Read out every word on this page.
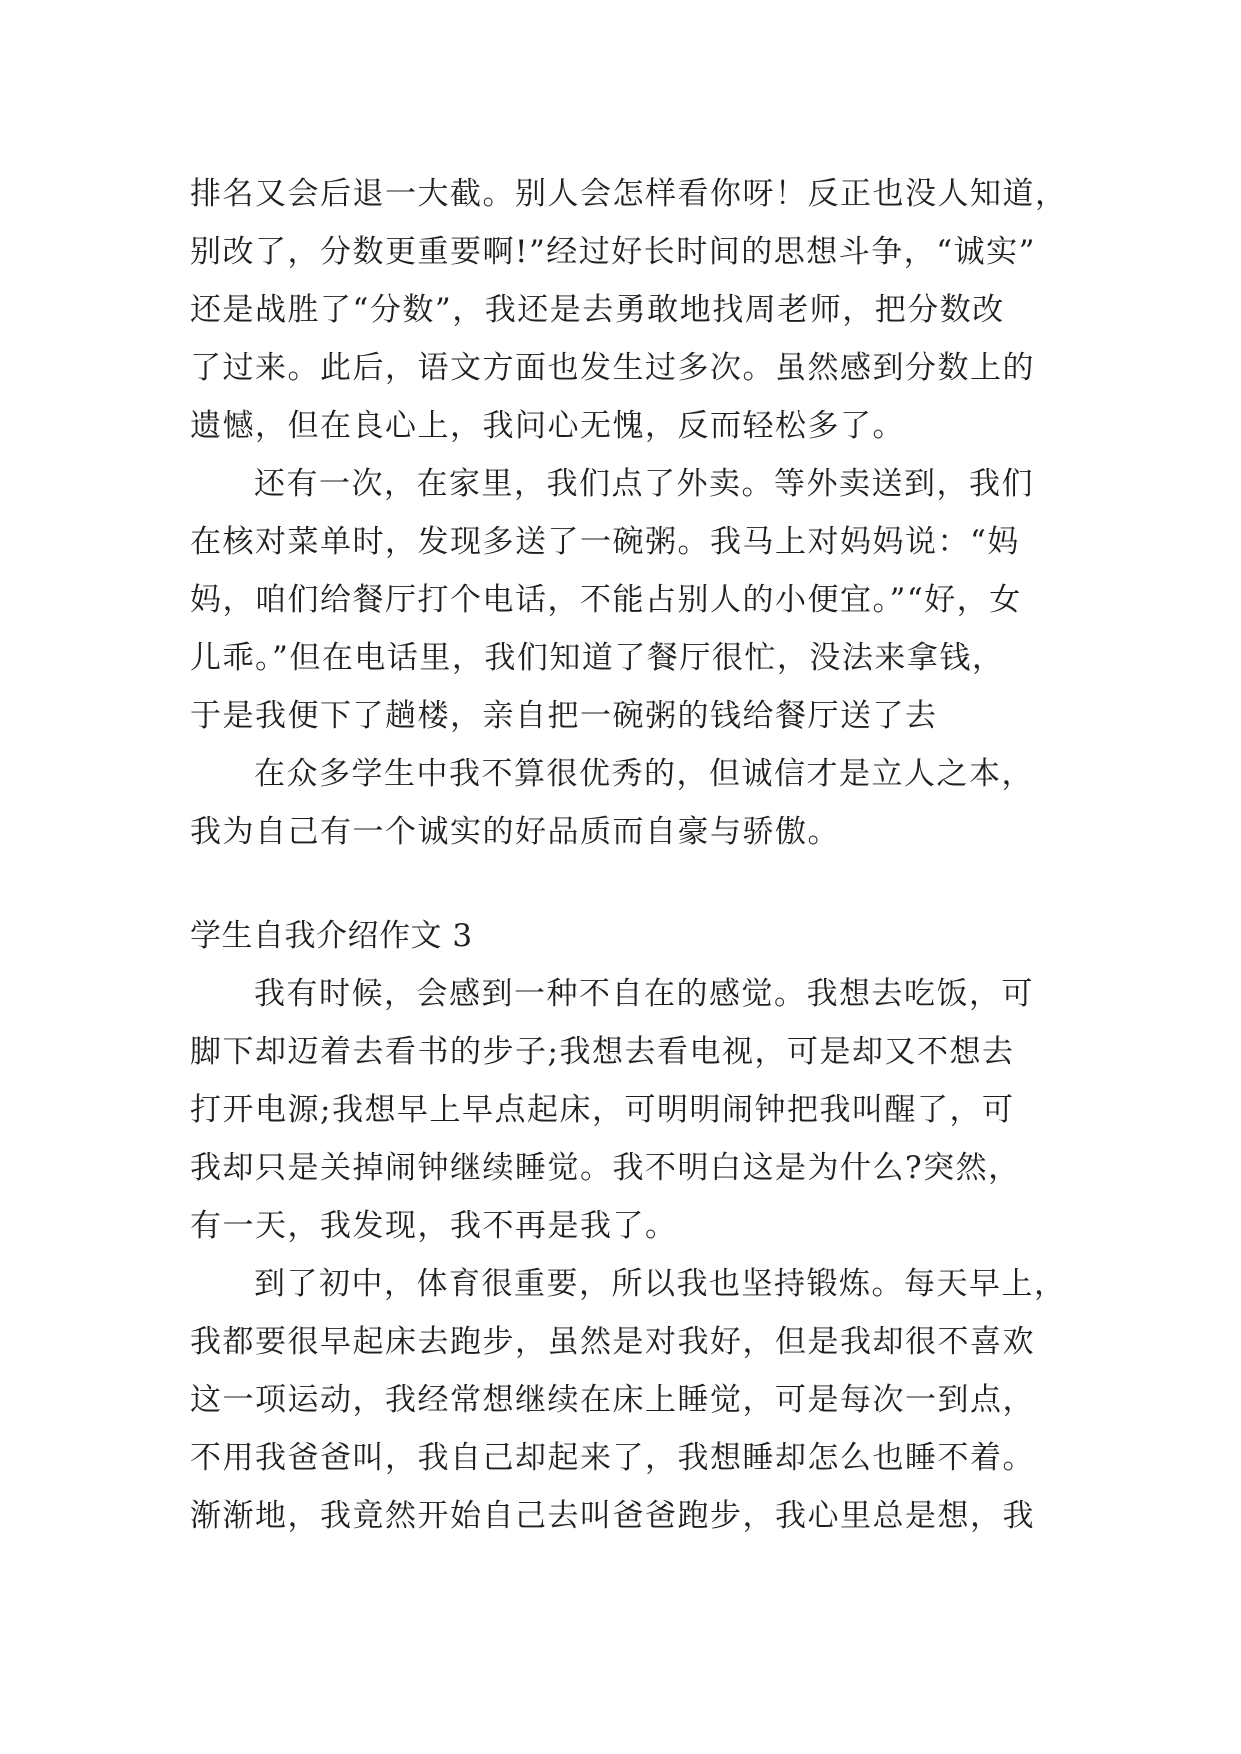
排名又会后退一大截。别人会怎样看你呀！反正也没人知道，
别改了，分数更重要啊!”经过好长时间的思想斗争，“诚实”
还是战胜了“分数”，我还是去勇敢地找周老师，把分数改
了过来。此后，语文方面也发生过多次。虽然感到分数上的
遗憾，但在良心上，我问心无愧，反而轻松多了。
还有一次，在家里，我们点了外卖。等外卖送到，我们
在核对菜单时，发现多送了一碗粥。我马上对妈妈说：“妈
妈，咱们给餐厅打个电话，不能占别人的小便宜。”“好，女
儿乖。”但在电话里，我们知道了餐厅很忙，没法来拿钱，
于是我便下了趟楼，亲自把一碗粥的钱给餐厅送了去
在众多学生中我不算很优秀的，但诚信才是立人之本，
我为自己有一个诚实的好品质而自豪与骄傲。
学生自我介绍作文 3
我有时候，会感到一种不自在的感觉。我想去吃饭，可
脚下却迈着去看书的步子;我想去看电视，可是却又不想去
打开电源;我想早上早点起床，可明明闹钟把我叫醒了，可
我却只是关掉闹钟继续睡觉。我不明白这是为什么?突然，
有一天，我发现，我不再是我了。
到了初中，体育很重要，所以我也坚持锻炼。每天早上，
我都要很早起床去跑步，虽然是对我好，但是我却很不喜欢
这一项运动，我经常想继续在床上睡觉，可是每次一到点，
不用我爸爸叫，我自己却起来了，我想睡却怎么也睡不着。
渐渐地，我竟然开始自己去叫爸爸跑步，我心里总是想，我
